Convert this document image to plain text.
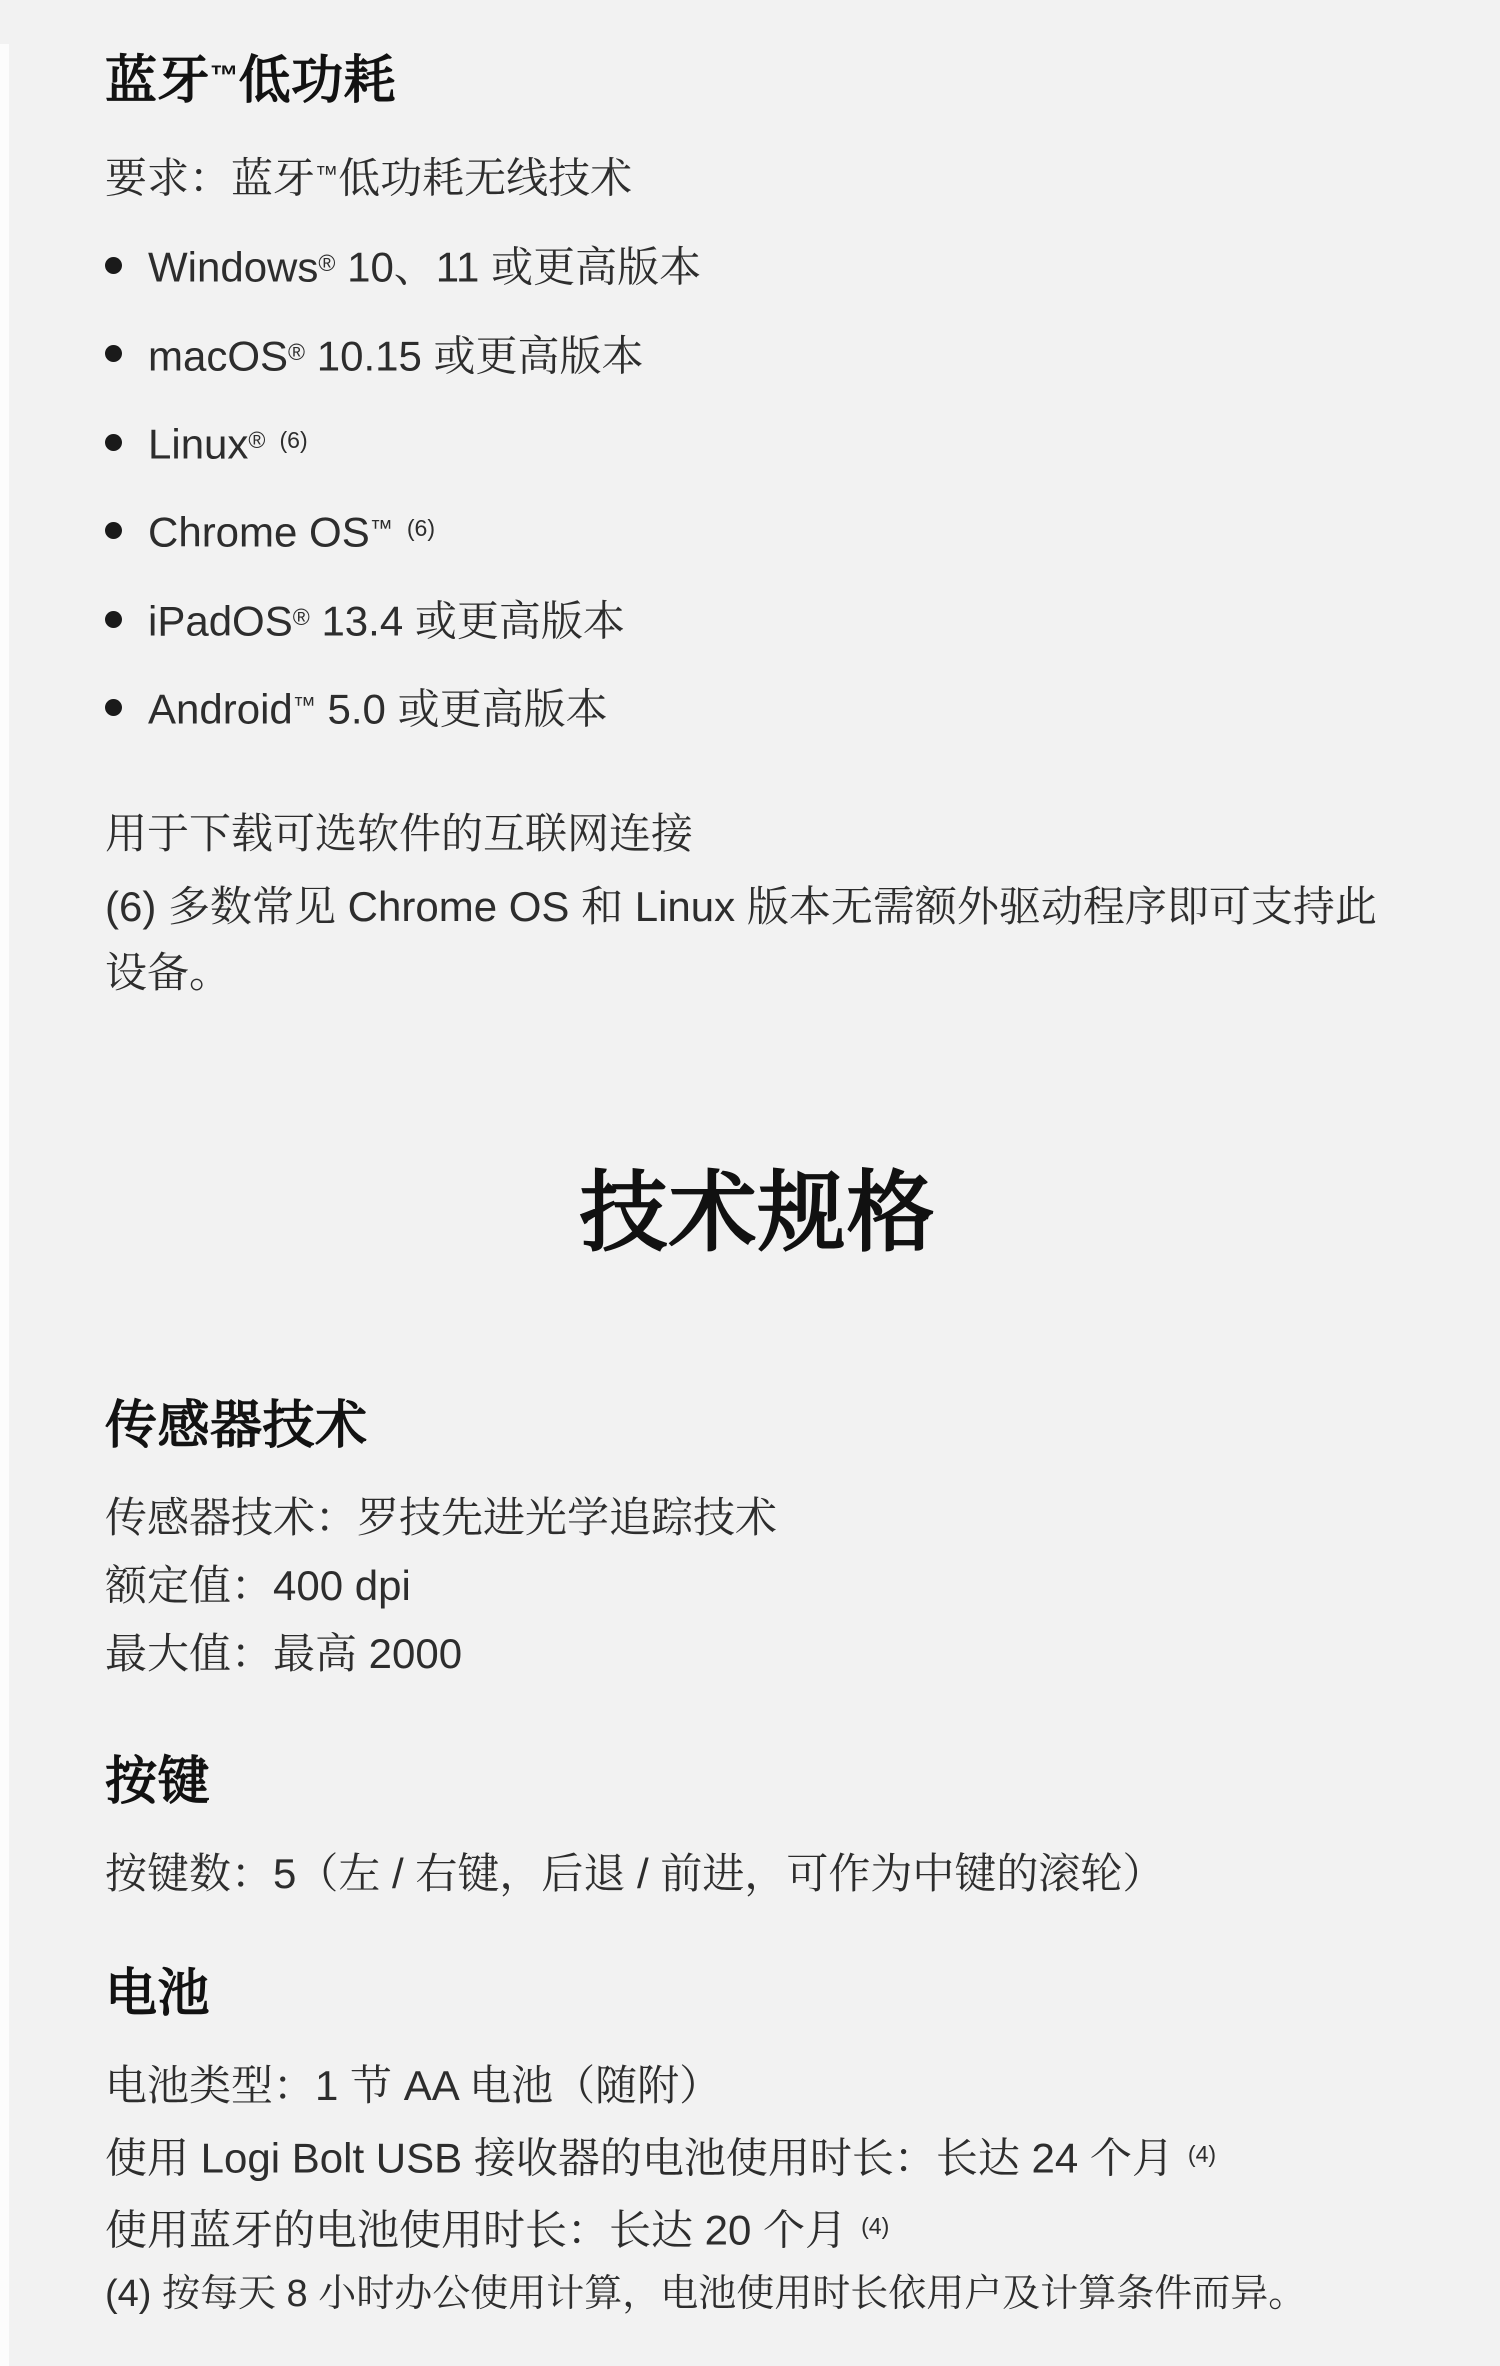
蓝牙™低功耗

要求：蓝牙™低功耗无线技术

Windows® 10、11 或更高版本
macOS® 10.15 或更高版本
Linux® $^{(6)}$
Chrome OS™ $^{(6)}$
iPadOS® 13.4 或更高版本
Android™ 5.0 或更高版本

用于下载可选软件的互联网连接

(6) 多数常见 Chrome OS 和 Linux 版本无需额外驱动程序即可支持此设备。

技术规格
传感器技术

传感器技术：罗技先进光学追踪技术
额定值：400 dpi
最大值：最高 2000

按键

按键数：5（左 / 右键，后退 / 前进，可作为中键的滚轮）

电池

电池类型：1 节 AA 电池（随附）
使用 Logi Bolt USB 接收器的电池使用时长：长达 24 个月 $^{(4)}$
使用蓝牙的电池使用时长：长达 20 个月 $^{(4)}$

(4) 按每天 8 小时办公使用计算，电池使用时长依用户及计算条件而异。
